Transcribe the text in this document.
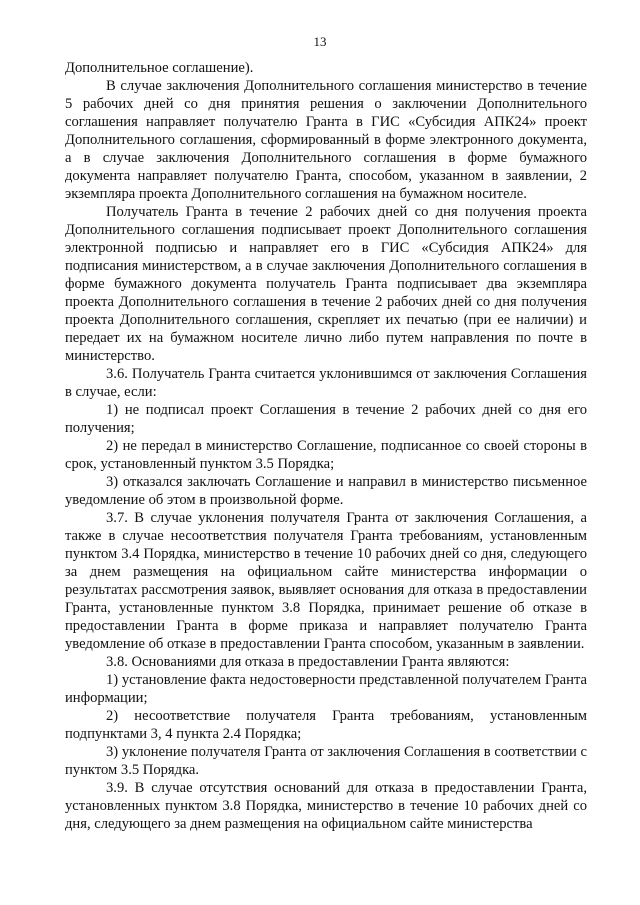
13

Дополнительное соглашение).

В случае заключения Дополнительного соглашения министерство в течение 5 рабочих дней со дня принятия решения о заключении Дополнительного соглашения направляет получателю Гранта в ГИС «Субсидия АПК24» проект Дополнительного соглашения, сформированный в форме электронного документа, а в случае заключения Дополнительного соглашения в форме бумажного документа направляет получателю Гранта, способом, указанном в заявлении, 2 экземпляра проекта Дополнительного соглашения на бумажном носителе.

Получатель Гранта в течение 2 рабочих дней со дня получения проекта Дополнительного соглашения подписывает проект Дополнительного соглашения электронной подписью и направляет его в ГИС «Субсидия АПК24» для подписания министерством, а в случае заключения Дополнительного соглашения в форме бумажного документа получатель Гранта подписывает два экземпляра проекта Дополнительного соглашения в течение 2 рабочих дней со дня получения проекта Дополнительного соглашения, скрепляет их печатью (при ее наличии) и передает их на бумажном носителе лично либо путем направления по почте в министерство.

3.6. Получатель Гранта считается уклонившимся от заключения Соглашения в случае, если:

1) не подписал проект Соглашения в течение 2 рабочих дней со дня его получения;

2) не передал в министерство Соглашение, подписанное со своей стороны в срок, установленный пунктом 3.5 Порядка;

3) отказался заключать Соглашение и направил в министерство письменное уведомление об этом в произвольной форме.

3.7. В случае уклонения получателя Гранта от заключения Соглашения, а также в случае несоответствия получателя Гранта требованиям, установленным пунктом 3.4 Порядка, министерство в течение 10 рабочих дней со дня, следующего за днем размещения на официальном сайте министерства информации о результатах рассмотрения заявок, выявляет основания для отказа в предоставлении Гранта, установленные пунктом 3.8 Порядка, принимает решение об отказе в предоставлении Гранта в форме приказа и направляет получателю Гранта уведомление об отказе в предоставлении Гранта способом, указанным в заявлении.

3.8. Основаниями для отказа в предоставлении Гранта являются:

1) установление факта недостоверности представленной получателем Гранта информации;

2) несоответствие получателя Гранта требованиям, установленным подпунктами 3, 4 пункта 2.4 Порядка;

3) уклонение получателя Гранта от заключения Соглашения в соответствии с пунктом 3.5 Порядка.

3.9. В случае отсутствия оснований для отказа в предоставлении Гранта, установленных пунктом 3.8 Порядка, министерство в течение 10 рабочих дней со дня, следующего за днем размещения на официальном сайте министерства
